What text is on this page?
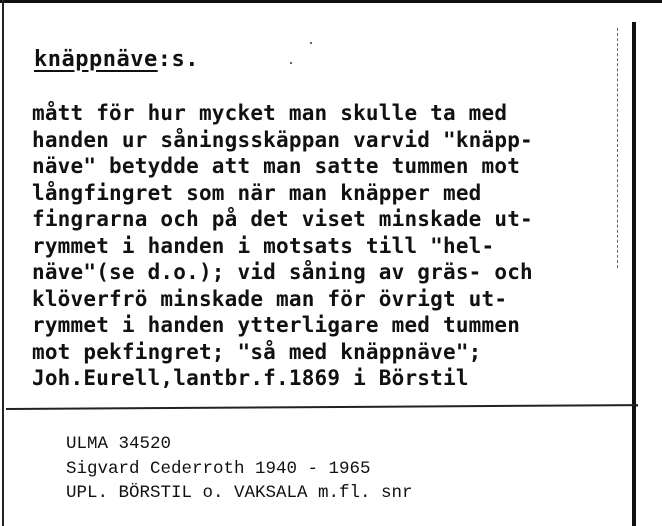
knäppnäve:s.
mått för hur mycket man skulle ta med
handen ur såningsskäppan varvid "knäpp-
näve" betydde att man satte tummen mot
långfingret som när man knäpper med
fingrarna och på det viset minskade ut-
rymmet i handen i motsats till "hel-
näve"(se d.o.); vid såning av gräs- och
klöverfrö minskade man för övrigt ut-
rymmet i handen ytterligare med tummen
mot pekfingret; "så med knäppnäve";
Joh.Eurell,lantbr.f.1869 i Börstil
ULMA 34520
Sigvard Cederroth 1940 - 1965
UPL. BÖRSTIL o. VAKSALA m.fl. snr
